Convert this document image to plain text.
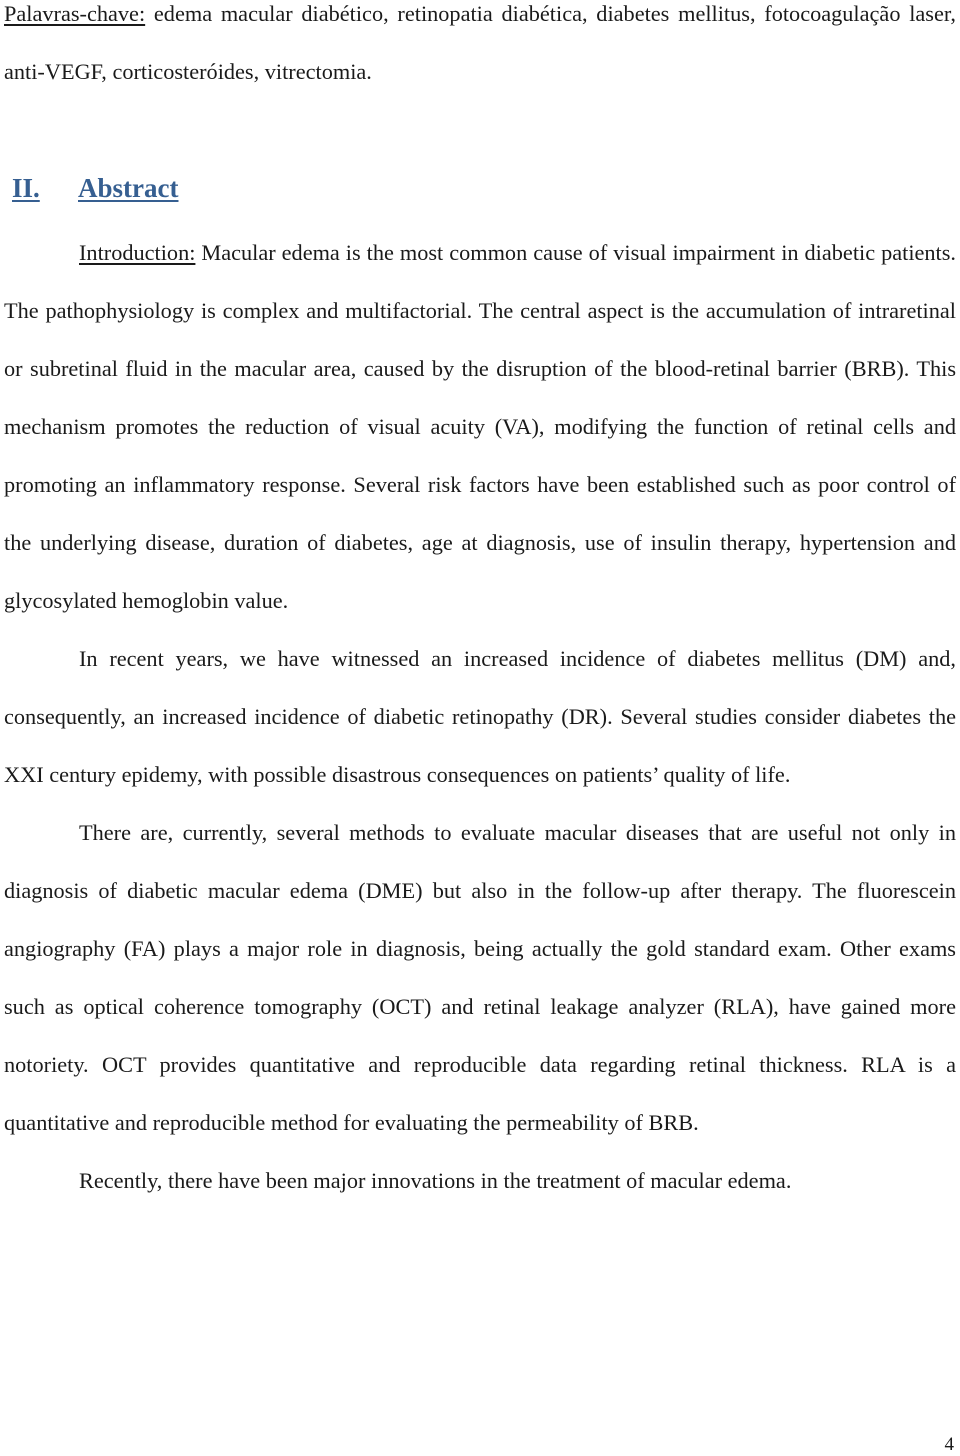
Palavras-chave: edema macular diabético, retinopatia diabética, diabetes mellitus, fotocoagulação laser, anti-VEGF, corticosteróides, vitrectomia.

II. Abstract

Introduction: Macular edema is the most common cause of visual impairment in diabetic patients. The pathophysiology is complex and multifactorial. The central aspect is the accumulation of intraretinal or subretinal fluid in the macular area, caused by the disruption of the blood-retinal barrier (BRB). This mechanism promotes the reduction of visual acuity (VA), modifying the function of retinal cells and promoting an inflammatory response. Several risk factors have been established such as poor control of the underlying disease, duration of diabetes, age at diagnosis, use of insulin therapy, hypertension and glycosylated hemoglobin value.

In recent years, we have witnessed an increased incidence of diabetes mellitus (DM) and, consequently, an increased incidence of diabetic retinopathy (DR). Several studies consider diabetes the XXI century epidemy, with possible disastrous consequences on patients’ quality of life.

There are, currently, several methods to evaluate macular diseases that are useful not only in diagnosis of diabetic macular edema (DME) but also in the follow-up after therapy. The fluorescein angiography (FA) plays a major role in diagnosis, being actually the gold standard exam. Other exams such as optical coherence tomography (OCT) and retinal leakage analyzer (RLA), have gained more notoriety. OCT provides quantitative and reproducible data regarding retinal thickness. RLA is a quantitative and reproducible method for evaluating the permeability of BRB.

Recently, there have been major innovations in the treatment of macular edema.

4
